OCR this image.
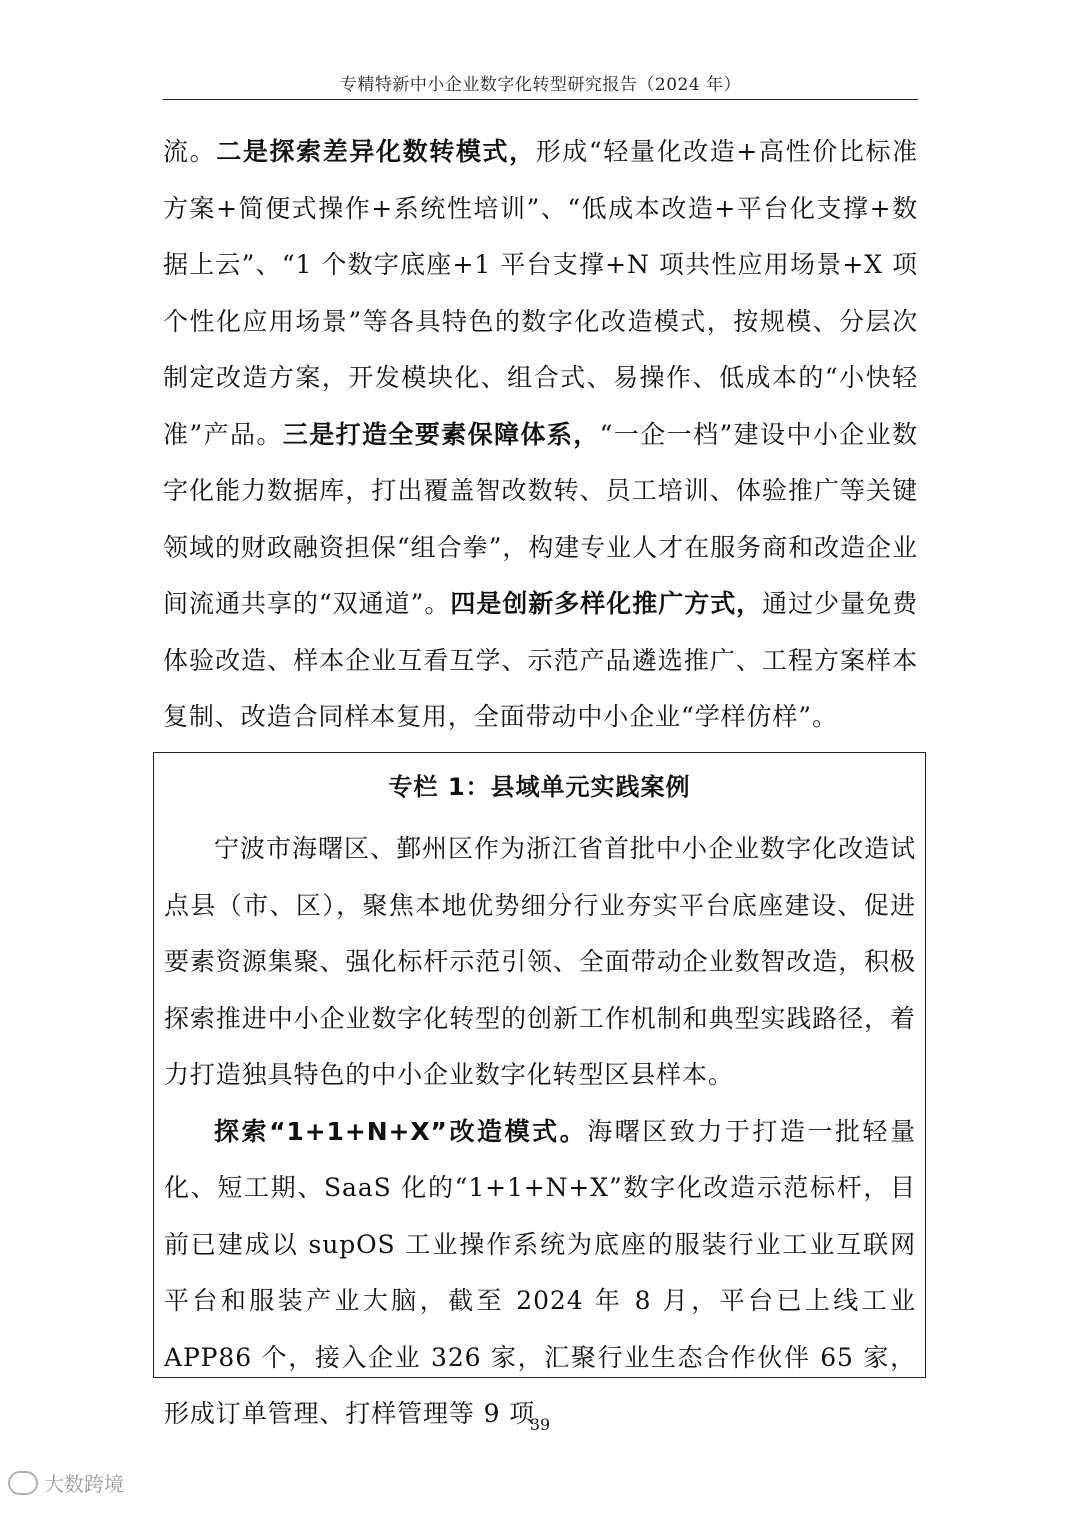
专精特新中小企业数字化转型研究报告（2024 年）

流。二是探索差异化数转模式，形成“轻量化改造+高性价比标准方案+简便式操作+系统性培训”、“低成本改造+平台化支撑+数据上云”、“1 个数字底座+1 平台支撑+N 项共性应用场景+X 项个性化应用场景”等各具特色的数字化改造模式，按规模、分层次制定改造方案，开发模块化、组合式、易操作、低成本的“小快轻准”产品。三是打造全要素保障体系，“一企一档”建设中小企业数字化能力数据库，打出覆盖智改数转、员工培训、体验推广等关键领域的财政融资担保“组合拳”，构建专业人才在服务商和改造企业间流通共享的“双通道”。四是创新多样化推广方式，通过少量免费体验改造、样本企业互看互学、示范产品遴选推广、工程方案样本复制、改造合同样本复用，全面带动中小企业“学样仿样”。

专栏 1：县域单元实践案例

宁波市海曙区、鄞州区作为浙江省首批中小企业数字化改造试点县（市、区），聚焦本地优势细分行业夯实平台底座建设、促进要素资源集聚、强化标杆示范引领、全面带动企业数智改造，积极探索推进中小企业数字化转型的创新工作机制和典型实践路径，着力打造独具特色的中小企业数字化转型区县样本。

探索“1+1+N+X”改造模式。海曙区致力于打造一批轻量化、短工期、SaaS 化的“1+1+N+X”数字化改造示范标杆，目前已建成以 supOS 工业操作系统为底座的服装行业工业互联网平台和服装产业大脑，截至 2024 年 8 月，平台已上线工业 APP86 个，接入企业 326 家，汇聚行业生态合作伙伴 65 家，形成订单管理、打样管理等 9 项

39
大数跨境
